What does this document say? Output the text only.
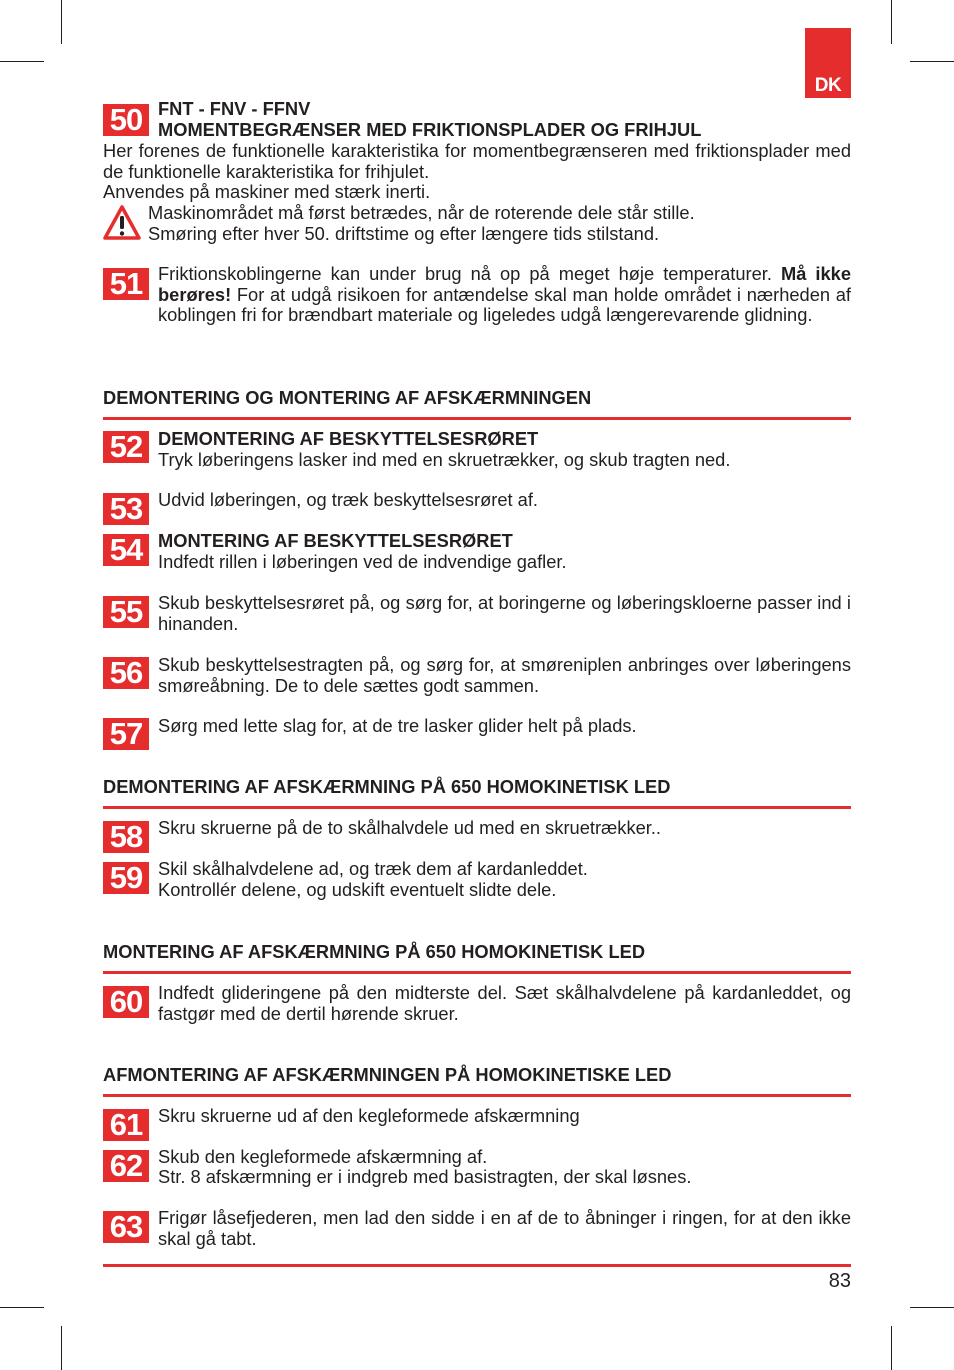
DK
50 FNT - FNV - FFNV
MOMENTBEGRÆNSER MED FRIKTIONSPLADER OG FRIHJUL
Her forenes de funktionelle karakteristika for momentbegrænseren med friktionsplader med de funktionelle karakteristika for frihjulet.
Anvendes på maskiner med stærk inerti.
Maskinområdet må først betrædes, når de roterende dele står stille.
Smøring efter hver 50. driftstime og efter længere tids stilstand.
51 Friktionskoblingerne kan under brug nå op på meget høje temperaturer. Må ikke berøres! For at udgå risikoen for antændelse skal man holde området i nærheden af koblingen fri for brændbart materiale og ligeledes udgå længerevarende glidning.
DEMONTERING OG MONTERING AF AFSKÆRMNINGEN
52 DEMONTERING AF BESKYTTELSESRØRET
Tryk løberingens lasker ind med en skruetrækker, og skub tragten ned.
53 Udvid løberingen, og træk beskyttelsesrøret af.
54 MONTERING AF BESKYTTELSESRØRET
Indfedt rillen i løberingen ved de indvendige gafler.
55 Skub beskyttelsesrøret på, og sørg for, at boringerne og løberingskloerne passer ind i hinanden.
56 Skub beskyttelsestragten på, og sørg for, at smøreniplen anbringes over løberingens smøreåbning. De to dele sættes godt sammen.
57 Sørg med lette slag for, at de tre lasker glider helt på plads.
DEMONTERING AF AFSKÆRMNING PÅ 650 HOMOKINETISK LED
58 Skru skruerne på de to skålhalvdele ud med en skruetrækker..
59 Skil skålhalvdelene ad, og træk dem af kardanleddet.
Kontrollér delene, og udskift eventuelt slidte dele.
MONTERING AF AFSKÆRMNING PÅ 650 HOMOKINETISK LED
60 Indfedt glideringene på den midterste del. Sæt skålhalvdelene på kardanleddet, og fastgør med de dertil hørende skruer.
AFMONTERING AF AFSKÆRMNINGEN PÅ HOMOKINETISKE LED
61 Skru skruerne ud af den kegleformede afskærmning
62 Skub den kegleformede afskærmning af.
Str. 8 afskærmning er i indgreb med basistragten, der skal løsnes.
63 Frigør låsefjederen, men lad den sidde i en af de to åbninger i ringen, for at den ikke skal gå tabt.
83
